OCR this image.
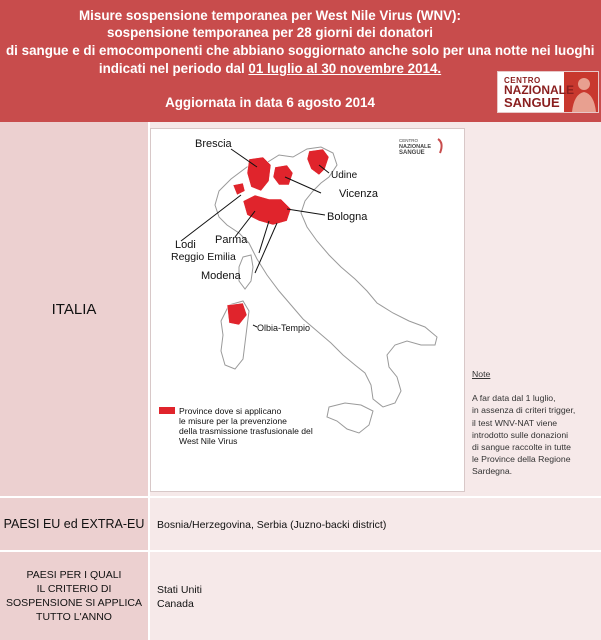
Misure sospensione temporanea per West Nile Virus (WNV):
sospensione temporanea per 28 giorni dei donatori
di sangue e di emocomponenti che abbiano soggiornato anche solo per una notte nei luoghi
indicati nel periodo dal 01 luglio al 30 novembre 2014.
Aggiornata in data 6 agosto 2014
CENTRO
NAZIONALE
SANGUE
ITALIA
CENTRO
NAZIONALE
SANGUE
Brescia
Udine
Vicenza
Bologna
Lodi Parma
Reggio Emilia
Modena
Olbia-Tempio
Province dove si applicano
le misure per la prevenzione
della trasmissione trasfusionale del
West Nile Virus
Note
A far data dal 1 luglio,
in assenza di criteri trigger,
il test WNV-NAT viene
introdotto sulle donazioni
di sangue raccolte in tutte
le Province della Regione
Sardegna.
PAESI EU ed EXTRA-EU Bosnia/Herzegovina, Serbia (Juzno-backi district)
PAESI PER I QUALI
IL CRITERIO DI
SOSPENSIONE SI APPLICA
TUTTO L'ANNO
Stati Uniti
Canada
